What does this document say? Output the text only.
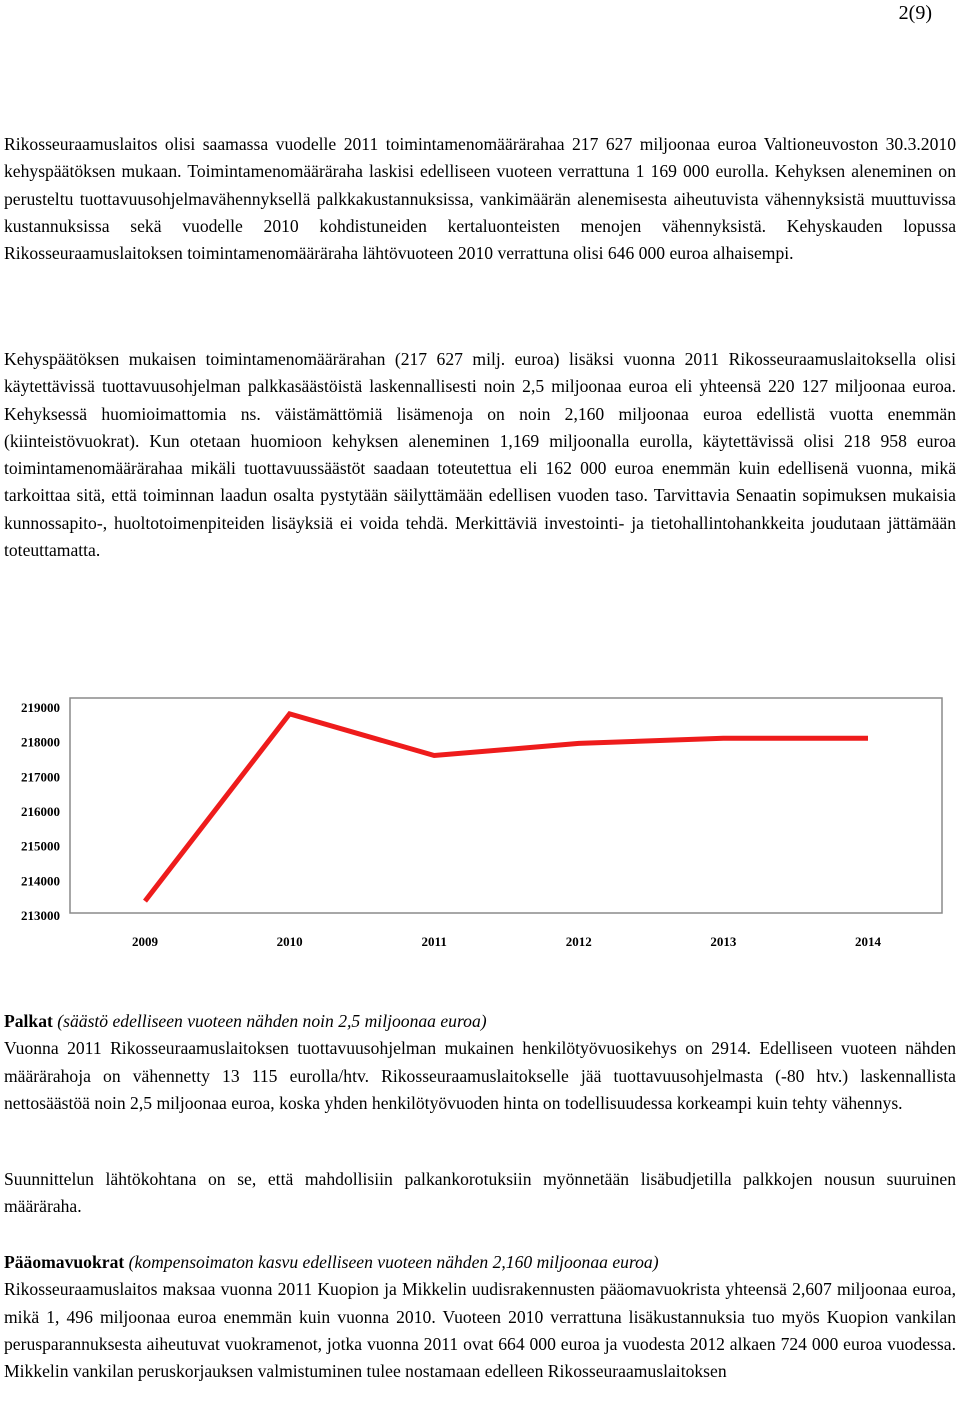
2(9)

Rikosseuraamuslaitos olisi saamassa vuodelle 2011 toimintamenomäärärahaa 217 627 miljoonaa euroa Valtioneuvoston 30.3.2010 kehyspäätöksen mukaan. Toimintamenomääräraha laskisi edelliseen vuoteen verrattuna 1 169 000 eurolla. Kehyksen aleneminen on perusteltu tuottavuusohjelmavähennyksellä palkkakustannuksissa, vankimäärän alenemisesta aiheutuvista vähennyksistä muuttuvissa kustannuksissa sekä vuodelle 2010 kohdistuneiden kertaluonteisten menojen vähennyksistä. Kehyskauden lopussa Rikosseuraamuslaitoksen toimintamenomääräraha lähtövuoteen 2010 verrattuna olisi 646 000 euroa alhaisempi.

Kehyspäätöksen mukaisen toimintamenomäärärahan (217 627 milj. euroa) lisäksi vuonna 2011 Rikosseuraamuslaitoksella olisi käytettävissä tuottavuusohjelman palkkasäästöistä laskennallisesti noin 2,5 miljoonaa euroa eli yhteensä 220 127 miljoonaa euroa. Kehyksessä huomioimattomia ns. väistämättömiä lisämenoja on noin 2,160 miljoonaa euroa edellistä vuotta enemmän (kiinteistövuokrat). Kun otetaan huomioon kehyksen aleneminen 1,169 miljoonalla eurolla, käytettävissä olisi 218 958 euroa toimintamenomäärärahaa mikäli tuottavuussäästöt saadaan toteutettua eli 162 000 euroa enemmän kuin edellisenä vuonna, mikä tarkoittaa sitä, että toiminnan laadun osalta pystytään säilyttämään edellisen vuoden taso. Tarvittavia Senaatin sopimuksen mukaisia kunnossapito-, huoltotoimenpiteiden lisäyksiä ei voida tehdä. Merkittäviä investointi- ja tietohallintohankkeita joudutaan jättämään toteuttamatta.

219000
218000
217000
216000
215000
214000
213000
2009	2010	2011	2012	2013	2014
Palkat (säästö edelliseen vuoteen nähden noin 2,5 miljoonaa euroa)
Vuonna 2011 Rikosseuraamuslaitoksen tuottavuusohjelman mukainen henkilötyövuosikehys on 2914. Edelliseen vuoteen nähden määrärahoja on vähennetty 13 115 eurolla/htv. Rikosseuraamuslaitokselle jää tuottavuusohjelmasta (-80 htv.) laskennallista nettosäästöä noin 2,5 miljoonaa euroa, koska yhden henkilötyövuoden hinta on todellisuudessa korkeampi kuin tehty vähennys.

Suunnittelun lähtökohtana on se, että mahdollisiin palkankorotuksiin myönnetään lisäbudjetilla palkkojen nousun suuruinen määräraha.

Pääomavuokrat (kompensoimaton kasvu edelliseen vuoteen nähden 2,160 miljoonaa euroa)
Rikosseuraamuslaitos maksaa vuonna 2011 Kuopion ja Mikkelin uudisrakennusten pääomavuokrista yhteensä 2,607 miljoonaa euroa, mikä 1, 496 miljoonaa euroa enemmän kuin vuonna 2010. Vuoteen 2010 verrattuna lisäkustannuksia tuo myös Kuopion vankilan perusparannuksesta aiheutuvat vuokramenot, jotka vuonna 2011 ovat 664 000 euroa ja vuodesta 2012 alkaen 724 000 euroa vuodessa. Mikkelin vankilan peruskorjauksen valmistuminen tulee nostamaan edelleen Rikosseuraamuslaitoksen
